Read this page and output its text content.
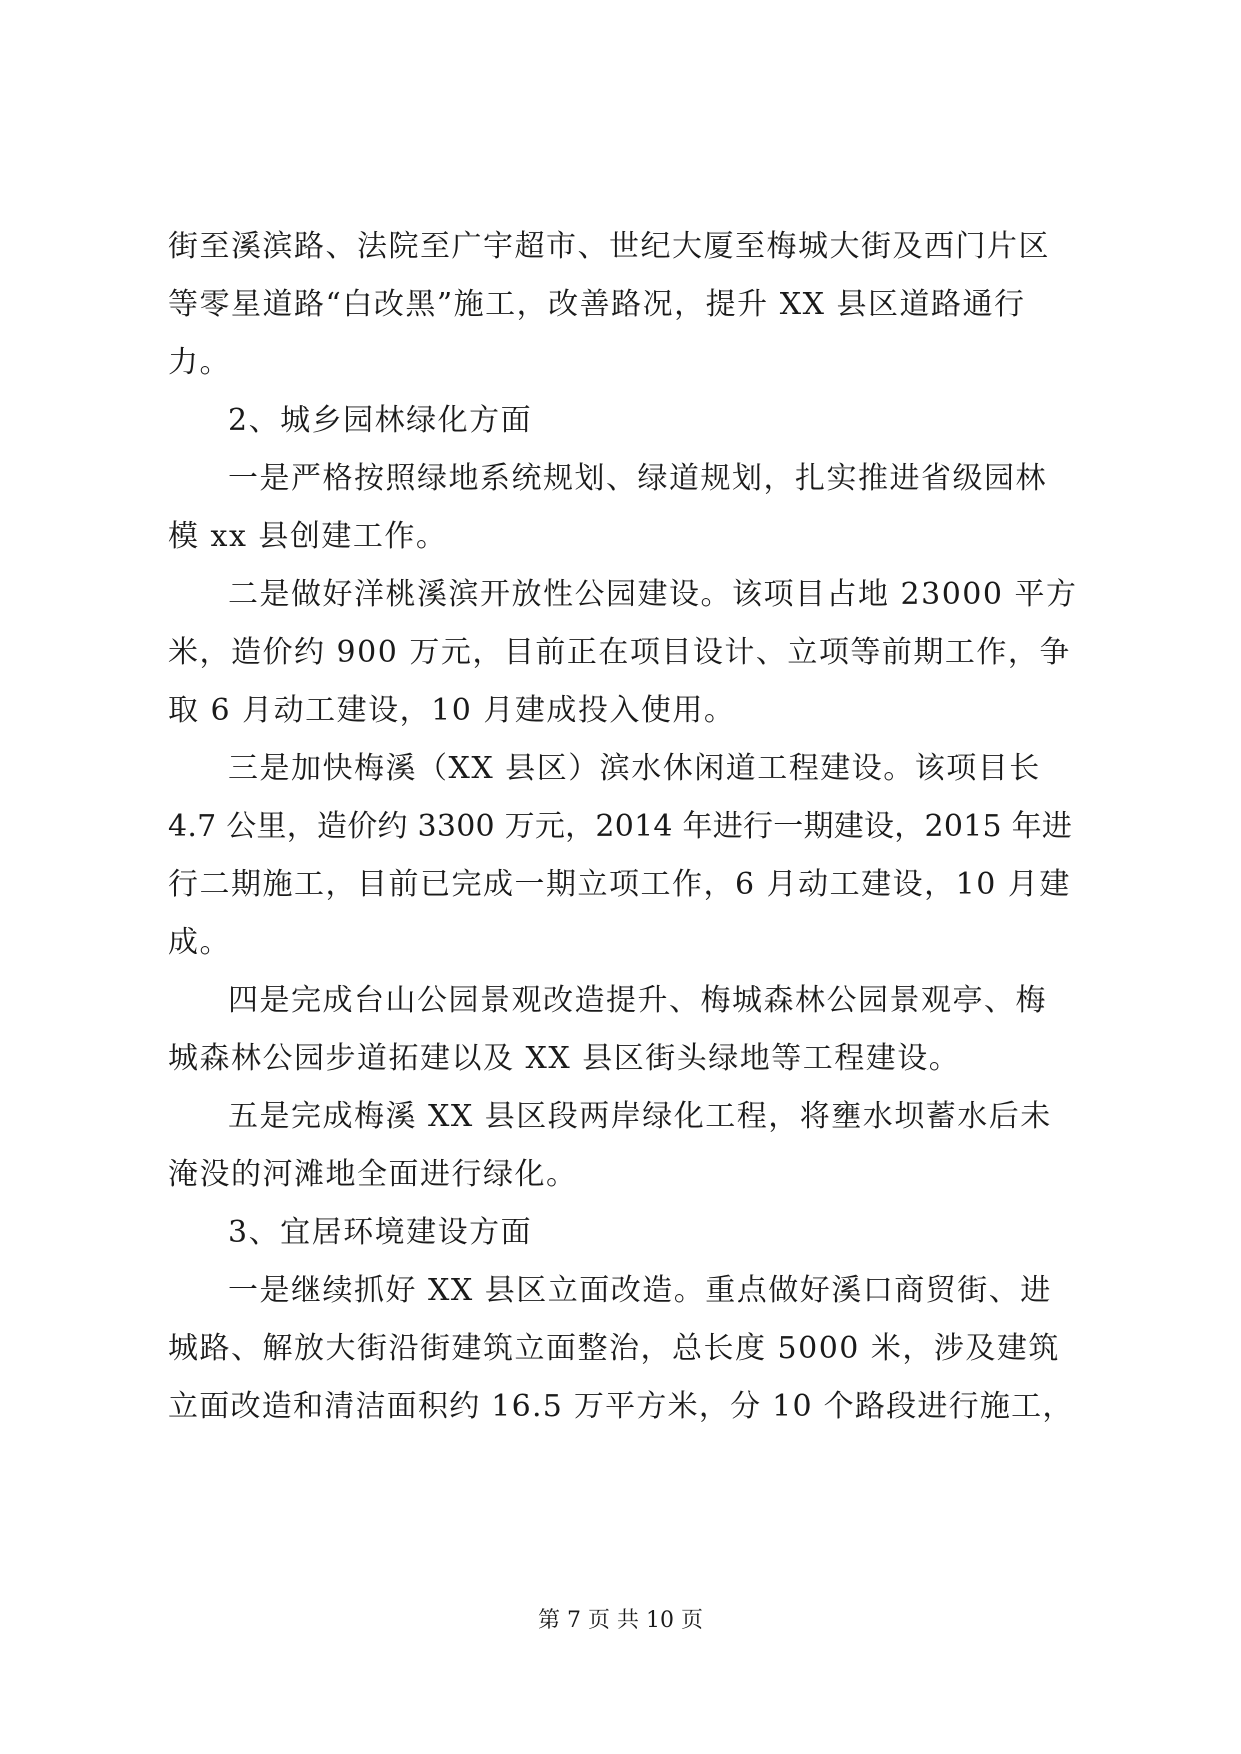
街至溪滨路、法院至广宇超市、世纪大厦至梅城大街及西门片区
等零星道路“白改黑”施工，改善路况，提升 XX 县区道路通行
力。
2、城乡园林绿化方面
一是严格按照绿地系统规划、绿道规划，扎实推进省级园林
模 xx 县创建工作。
二是做好洋桃溪滨开放性公园建设。该项目占地 23000 平方
米，造价约 900 万元，目前正在项目设计、立项等前期工作，争
取 6 月动工建设，10 月建成投入使用。
三是加快梅溪（XX 县区）滨水休闲道工程建设。该项目长
4.7 公里，造价约 3300 万元，2014 年进行一期建设，2015 年进
行二期施工，目前已完成一期立项工作，6 月动工建设，10 月建
成。
四是完成台山公园景观改造提升、梅城森林公园景观亭、梅
城森林公园步道拓建以及 XX 县区街头绿地等工程建设。
五是完成梅溪 XX 县区段两岸绿化工程，将壅水坝蓄水后未
淹没的河滩地全面进行绿化。
3、宜居环境建设方面
一是继续抓好 XX 县区立面改造。重点做好溪口商贸街、进
城路、解放大街沿街建筑立面整治，总长度 5000 米，涉及建筑
立面改造和清洁面积约 16.5 万平方米，分 10 个路段进行施工，
第 7 页 共 10 页
